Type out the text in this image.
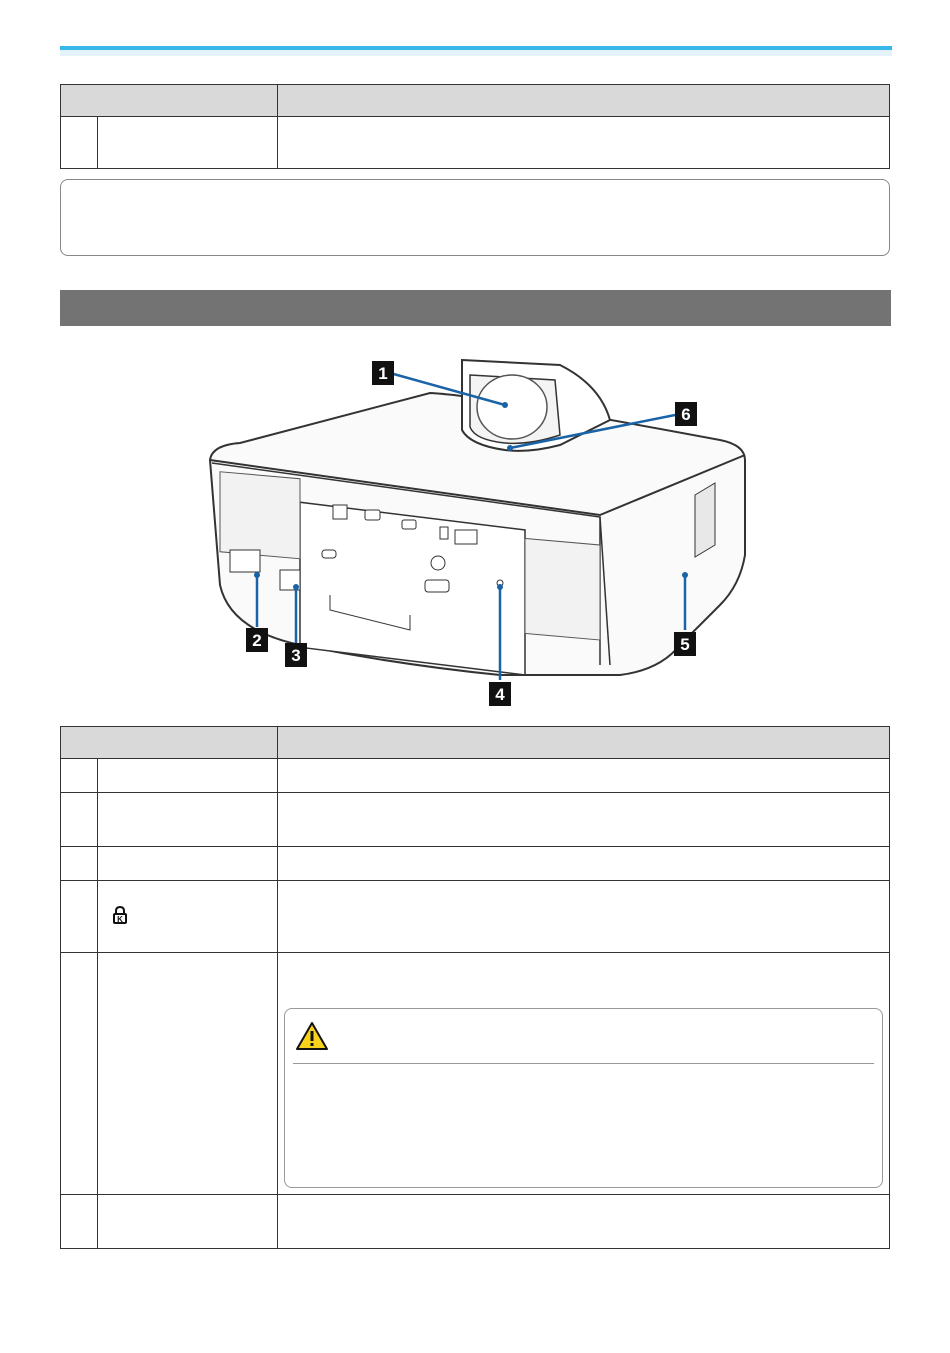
1
6
2
3
4
5

K	
